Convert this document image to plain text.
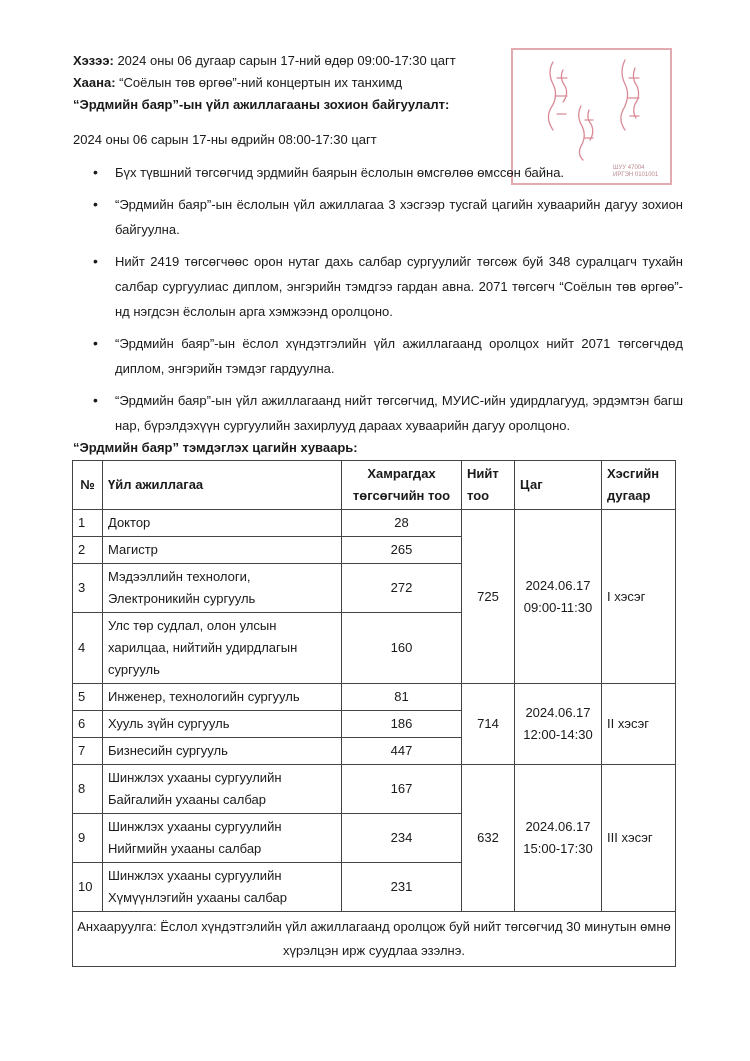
Хэзээ: 2024 оны 06 дугаар сарын 17-ний өдөр 09:00-17:30 цагт
Хаана: “Соёлын төв өргөө”-ний концертын их танхимд
“Эрдмийн баяр”-ын үйл ажиллагааны зохион байгуулалт:
2024 оны 06 сарын 17-ны өдрийн 08:00-17:30 цагт
ШУУ 47004
ИРГЭН 0101001
• Бүх түвшний төгсөгчид эрдмийн баярын ёслолын өмсгөлөө өмссөн байна.
• “Эрдмийн баяр”-ын ёслолын үйл ажиллагаа 3 хэсгээр тусгай цагийн хуваарийн дагуу зохион байгуулна.
• Нийт 2419 төгсөгчөөс орон нутаг дахь салбар сургуулийг төгсөж буй 348 суралцагч тухайн салбар сургуулиас диплом, энгэрийн тэмдгээ гардан авна. 2071 төгсөгч “Соёлын төв өргөө”-нд нэгдсэн ёслолын арга хэмжээнд оролцоно.
• “Эрдмийн баяр”-ын ёслол хүндэтгэлийн үйл ажиллагаанд оролцох нийт 2071 төгсөгчдөд диплом, энгэрийн тэмдэг гардуулна.
• “Эрдмийн баяр”-ын үйл ажиллагаанд нийт төгсөгчид, МУИС-ийн удирдлагууд, эрдэмтэн багш нар, бүрэлдэхүүн сургуулийн захирлууд дараах хуваарийн дагуу оролцоно.
“Эрдмийн баяр” тэмдэглэх цагийн хуваарь:
№	Үйл ажиллагаа	Хамрагдах төгсөгчийн тоо	Нийт тоо	Цаг	Хэсгийн дугаар
1	Доктор	28	725	2024.06.17
09:00-11:30	I хэсэг
2	Магистр	265			
3	Мэдээллийн технологи, Электроникийн сургууль	272			
4	Улс төр судлал, олон улсын харилцаа, нийтийн удирдлагын сургууль	160			
5	Инженер, технологийн сургууль	81	714	2024.06.17
12:00-14:30	II хэсэг
6	Хууль зүйн сургууль	186			
7	Бизнесийн сургууль	447			
8	Шинжлэх ухааны сургуулийн Байгалийн ухааны салбар	167	632	2024.06.17
15:00-17:30	III хэсэг
9	Шинжлэх ухааны сургуулийн Нийгмийн ухааны салбар	234			
10	Шинжлэх ухааны сургуулийн Хүмүүнлэгийн ухааны салбар	231			
Анхааруулга: Ёслол хүндэтгэлийн үйл ажиллагаанд оролцож буй нийт төгсөгчид 30 минутын өмнө хүрэлцэн ирж суудлаа эзэлнэ.					
